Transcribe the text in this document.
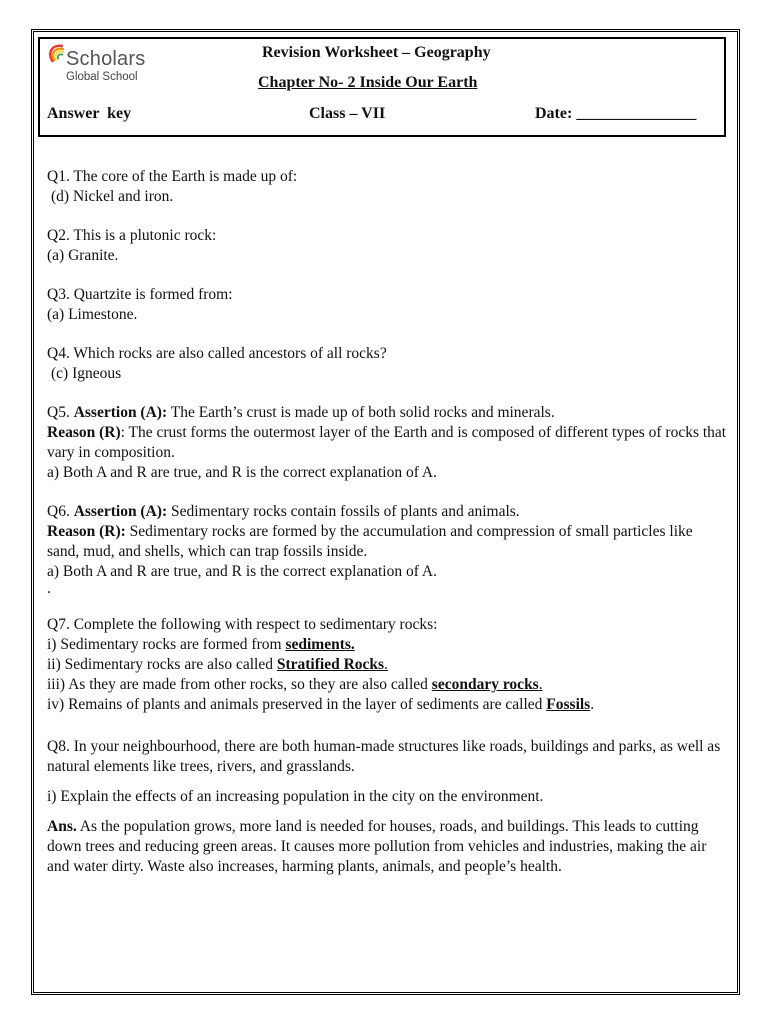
Scholars
Global School
Revision Worksheet – Geography
Chapter No- 2 Inside Our Earth
Answer  key	Class – VII	Date: _______________

Q1. The core of the Earth is made up of:

(d) Nickel and iron.

Q2. This is a plutonic rock:

(a) Granite.

Q3. Quartzite is formed from:

(a) Limestone.

Q4. Which rocks are also called ancestors of all rocks?

(c) Igneous

Q5. Assertion (A): The Earth’s crust is made up of both solid rocks and minerals.

Reason (R): The crust forms the outermost layer of the Earth and is composed of different types of rocks that vary in composition.

a) Both A and R are true, and R is the correct explanation of A.

Q6. Assertion (A): Sedimentary rocks contain fossils of plants and animals.

Reason (R): Sedimentary rocks are formed by the accumulation and compression of small particles like sand, mud, and shells, which can trap fossils inside.

a) Both A and R are true, and R is the correct explanation of A.

.

Q7. Complete the following with respect to sedimentary rocks:

i) Sedimentary rocks are formed from sediments.

ii) Sedimentary rocks are also called Stratified Rocks.

iii) As they are made from other rocks, so they are also called secondary rocks.

iv) Remains of plants and animals preserved in the layer of sediments are called Fossils.

Q8. In your neighbourhood, there are both human-made structures like roads, buildings and parks, as well as natural elements like trees, rivers, and grasslands.

i) Explain the effects of an increasing population in the city on the environment.

Ans. As the population grows, more land is needed for houses, roads, and buildings. This leads to cutting down trees and reducing green areas. It causes more pollution from vehicles and industries, making the air and water dirty. Waste also increases, harming plants, animals, and people’s health.
